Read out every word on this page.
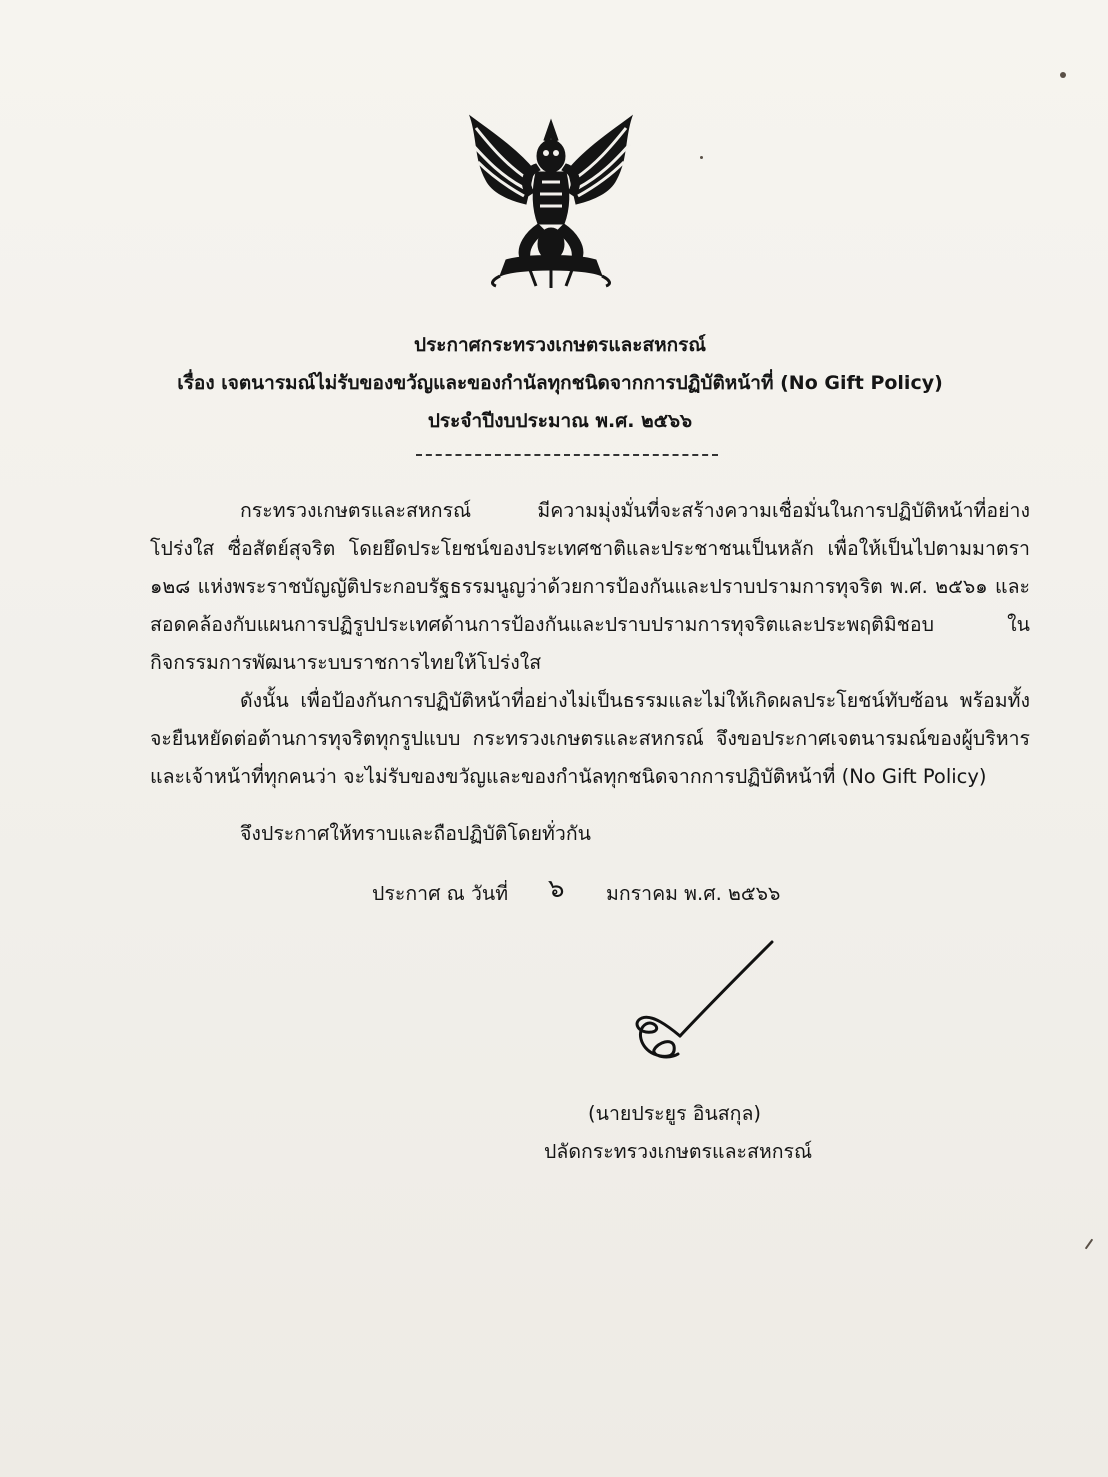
ประกาศกระทรวงเกษตรและสหกรณ์
เรื่อง เจตนารมณ์ไม่รับของขวัญและของกำนัลทุกชนิดจากการปฏิบัติหน้าที่ (No Gift Policy)
ประจำปีงบประมาณ พ.ศ. ๒๕๖๖
กระทรวงเกษตรและสหกรณ์ มีความมุ่งมั่นที่จะสร้างความเชื่อมั่นในการปฏิบัติหน้าที่อย่างโปร่งใส ซื่อสัตย์สุจริต โดยยึดประโยชน์ของประเทศชาติและประชาชนเป็นหลัก เพื่อให้เป็นไปตามมาตรา ๑๒๘ แห่งพระราชบัญญัติประกอบรัฐธรรมนูญว่าด้วยการป้องกันและปราบปรามการทุจริต พ.ศ. ๒๕๖๑ และสอดคล้องกับแผนการปฏิรูปประเทศด้านการป้องกันและปราบปรามการทุจริตและประพฤติมิชอบ ในกิจกรรมการพัฒนาระบบราชการไทยให้โปร่งใส
ดังนั้น เพื่อป้องกันการปฏิบัติหน้าที่อย่างไม่เป็นธรรมและไม่ให้เกิดผลประโยชน์ทับซ้อน พร้อมทั้งจะยืนหยัดต่อต้านการทุจริตทุกรูปแบบ กระทรวงเกษตรและสหกรณ์ จึงขอประกาศเจตนารมณ์ของผู้บริหารและเจ้าหน้าที่ทุกคนว่า จะไม่รับของขวัญและของกำนัลทุกชนิดจากการปฏิบัติหน้าที่ (No Gift Policy)
จึงประกาศให้ทราบและถือปฏิบัติโดยทั่วกัน
ประกาศ ณ วันที่ ๖ มกราคม พ.ศ. ๒๕๖๖
(นายประยูร อินสกุล)
ปลัดกระทรวงเกษตรและสหกรณ์
